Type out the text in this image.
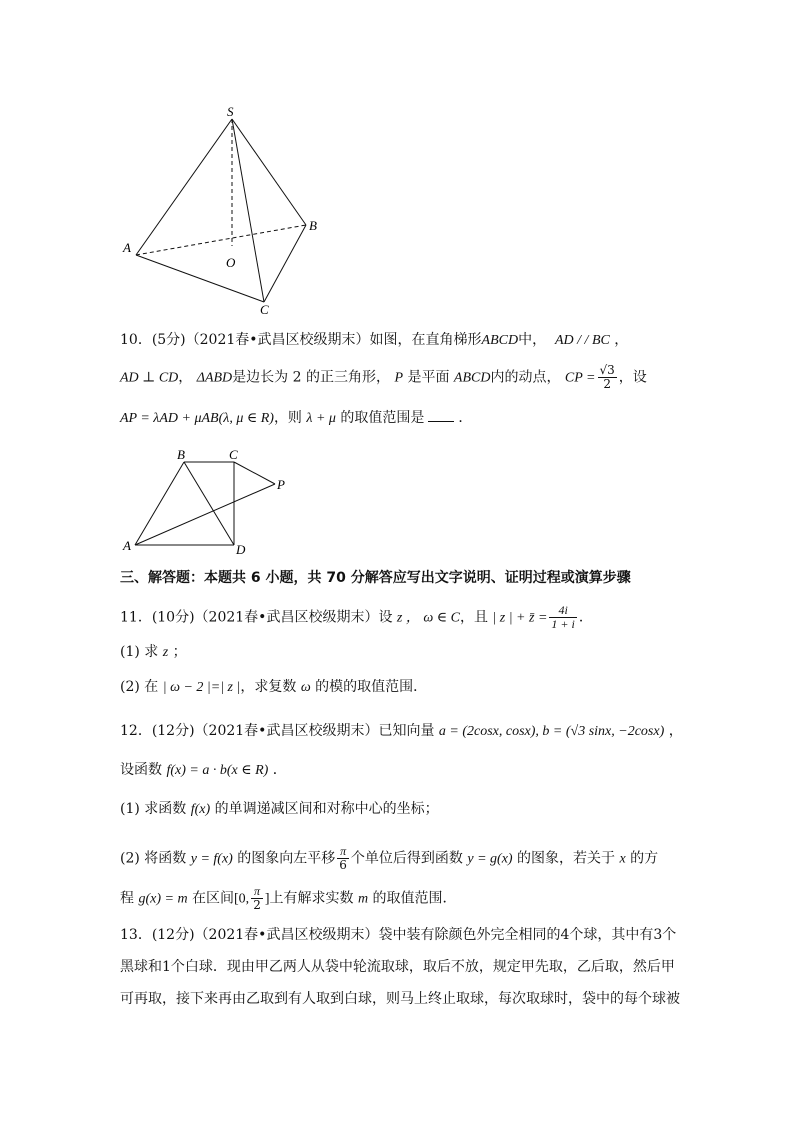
S
A
B
O
C
10．(5分)（2021春•武昌区校级期末）如图，在直角梯形ABCD中， AD / / BC ，
AD ⊥ CD， ΔABD是边长为 2 的正三角形， P 是平面 ABCD内的动点， CP = $\frac{√3}{2}$ ，设
AP = λAD + μAB(λ, μ ∈ R)，则 λ + μ 的取值范围是 ．
B	C
P
A	D
三、解答题：本题共 6 小题，共 70 分解答应写出文字说明、证明过程或演算步骤
11．(10分)（2021春•武昌区校级期末）设 z ， ω ∈ C，且 | z | + z̄ = $\frac{4i}{1 + i}$ ．
(1) 求 z ；
(2) 在 | ω − 2 |=| z |，求复数 ω 的模的取值范围．
12．(12分)（2021春•武昌区校级期末）已知向量 a = (2cosx, cosx), b = (√3 sinx, −2cosx) ，
设函数 f(x) = a · b(x ∈ R) ．
(1) 求函数 f(x) 的单调递减区间和对称中心的坐标；
(2) 将函数 y = f(x) 的图象向左平移 $\frac{\pi}{6}$ 个单位后得到函数 y = g(x) 的图象，若关于 x 的方
程 g(x) = m 在区间[0, $\frac{\pi}{2}$ ]上有解求实数 m 的取值范围．
13．(12分)（2021春•武昌区校级期末）袋中装有除颜色外完全相同的4个球，其中有3个
黑球和1个白球．现由甲乙两人从袋中轮流取球，取后不放，规定甲先取，乙后取，然后甲
可再取，接下来再由乙取到有人取到白球，则马上终止取球，每次取球时，袋中的每个球被
